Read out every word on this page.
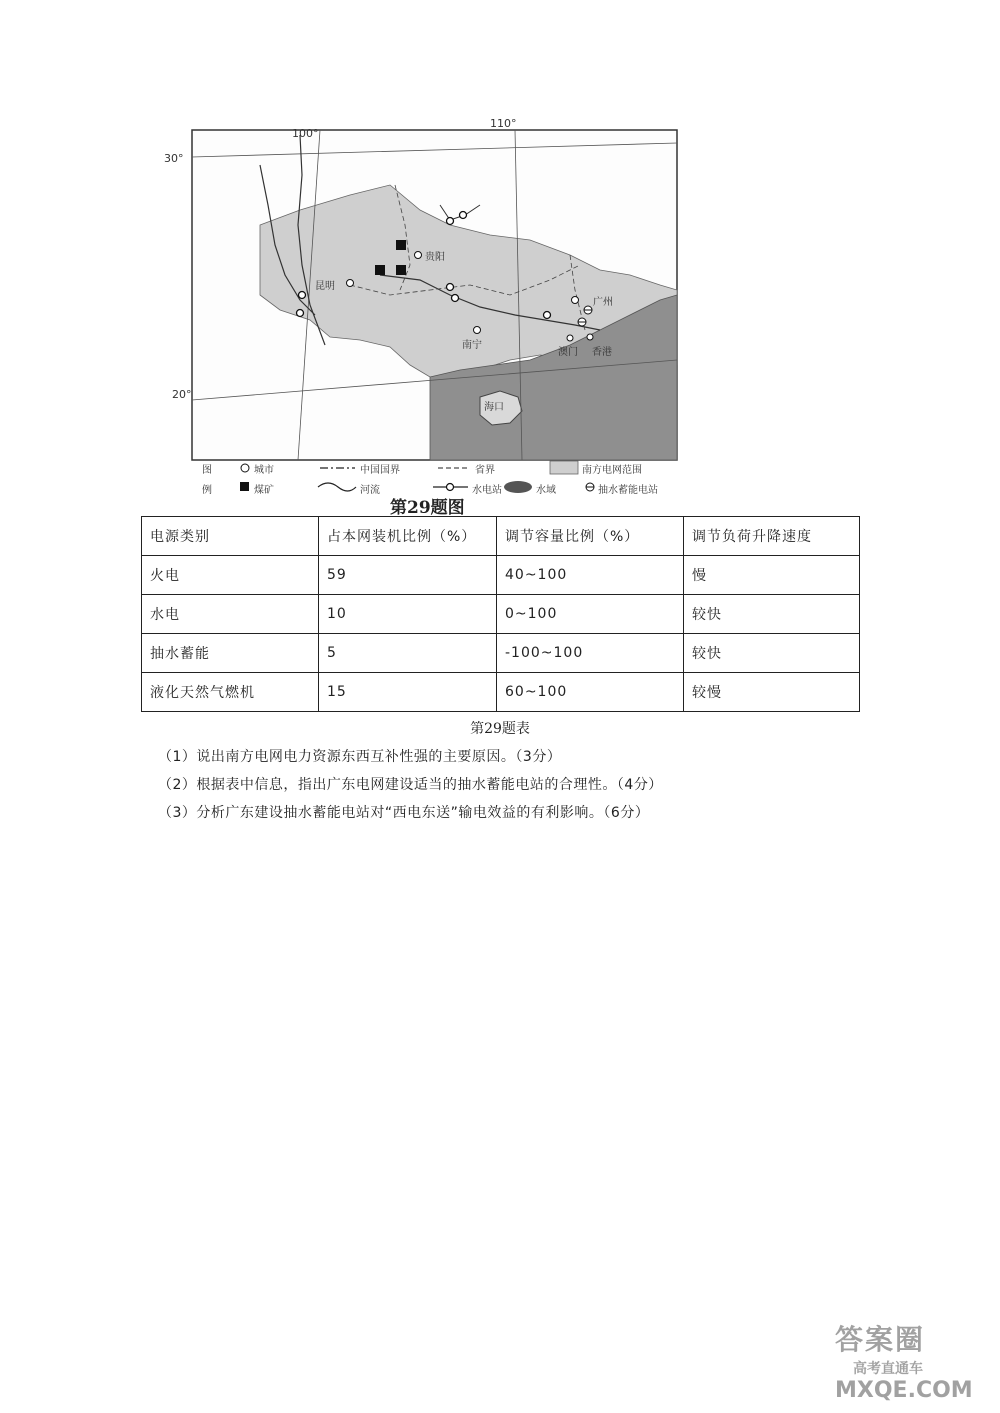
30°
20°
100°
110°
昆明
贵阳
南宁
广州
澳门 香港
海口
图
例
城市
煤矿
中国国界
河流
省界
水电站
南方电网范围
水域	抽水蓄能电站
第29题图
电源类别	占本网装机比例（%）	调节容量比例（%）	调节负荷升降速度
火电	59	40~100	慢
水电	10	0~100	较快
抽水蓄能	5	-100~100	较快
液化天然气燃机	15	60~100	较慢
第29题表
（1）说出南方电网电力资源东西互补性强的主要原因。（3分）
（2）根据表中信息，指出广东电网建设适当的抽水蓄能电站的合理性。（4分）
（3）分析广东建设抽水蓄能电站对“西电东送”输电效益的有利影响。（6分）
答案圈
高考直通车
MXQE.COM
